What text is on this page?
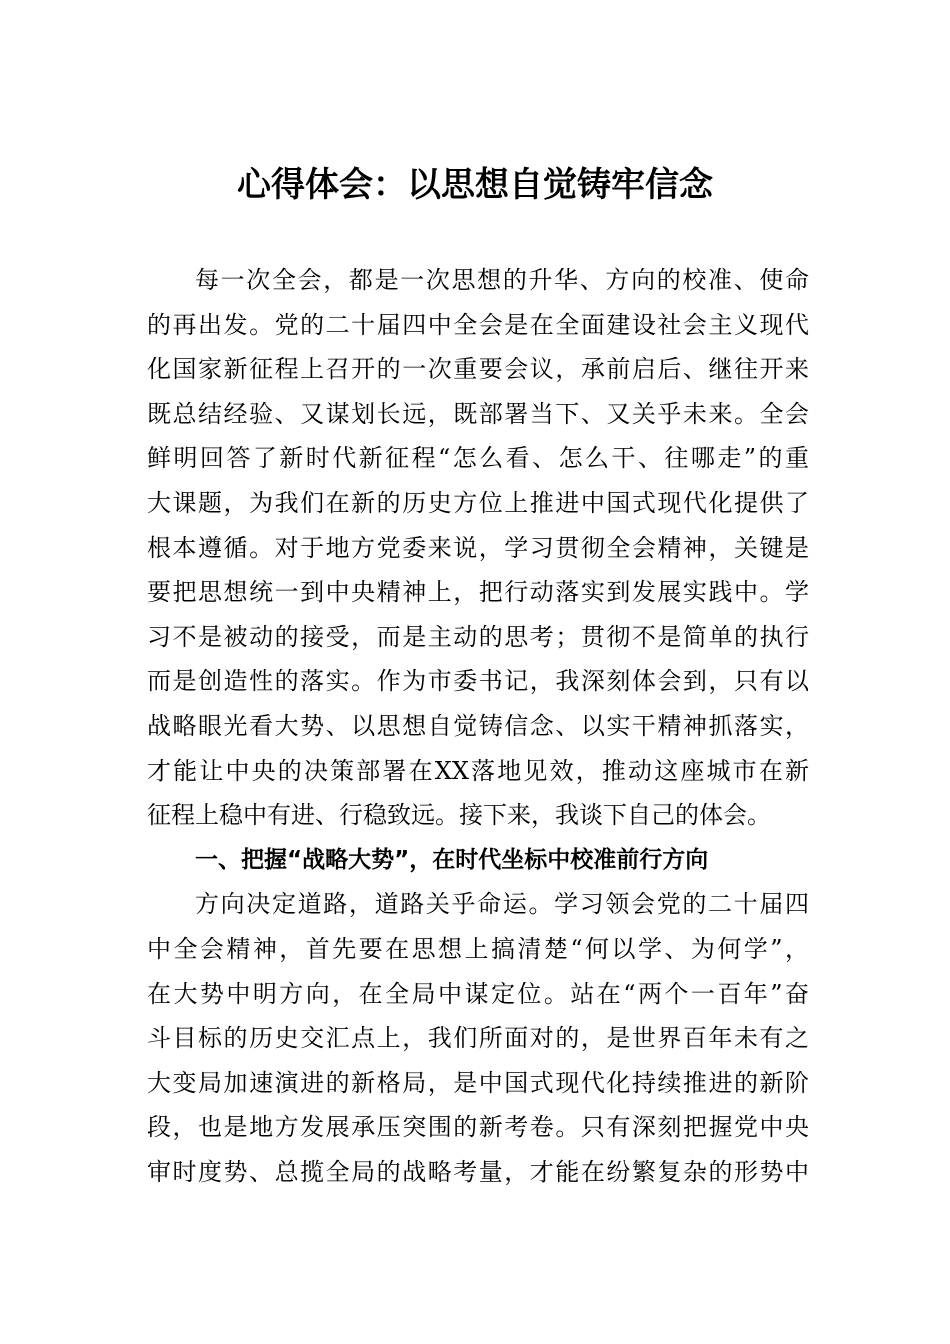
心得体会：以思想自觉铸牢信念
每一次全会，都是一次思想的升华、方向的校准、使命
的再出发。党的二十届四中全会是在全面建设社会主义现代
化国家新征程上召开的一次重要会议，承前启后、继往开来
既总结经验、又谋划长远，既部署当下、又关乎未来。全会
鲜明回答了新时代新征程“怎么看、怎么干、往哪走”的重
大课题，为我们在新的历史方位上推进中国式现代化提供了
根本遵循。对于地方党委来说，学习贯彻全会精神，关键是
要把思想统一到中央精神上，把行动落实到发展实践中。学
习不是被动的接受，而是主动的思考；贯彻不是简单的执行
而是创造性的落实。作为市委书记，我深刻体会到，只有以
战略眼光看大势、以思想自觉铸信念、以实干精神抓落实，
才能让中央的决策部署在XX落地见效，推动这座城市在新
征程上稳中有进、行稳致远。接下来，我谈下自己的体会。
一、把握“战略大势”，在时代坐标中校准前行方向
方向决定道路，道路关乎命运。学习领会党的二十届四
中全会精神，首先要在思想上搞清楚“何以学、为何学”，
在大势中明方向，在全局中谋定位。站在“两个一百年”奋
斗目标的历史交汇点上，我们所面对的，是世界百年未有之
大变局加速演进的新格局，是中国式现代化持续推进的新阶
段，也是地方发展承压突围的新考卷。只有深刻把握党中央
审时度势、总揽全局的战略考量，才能在纷繁复杂的形势中
